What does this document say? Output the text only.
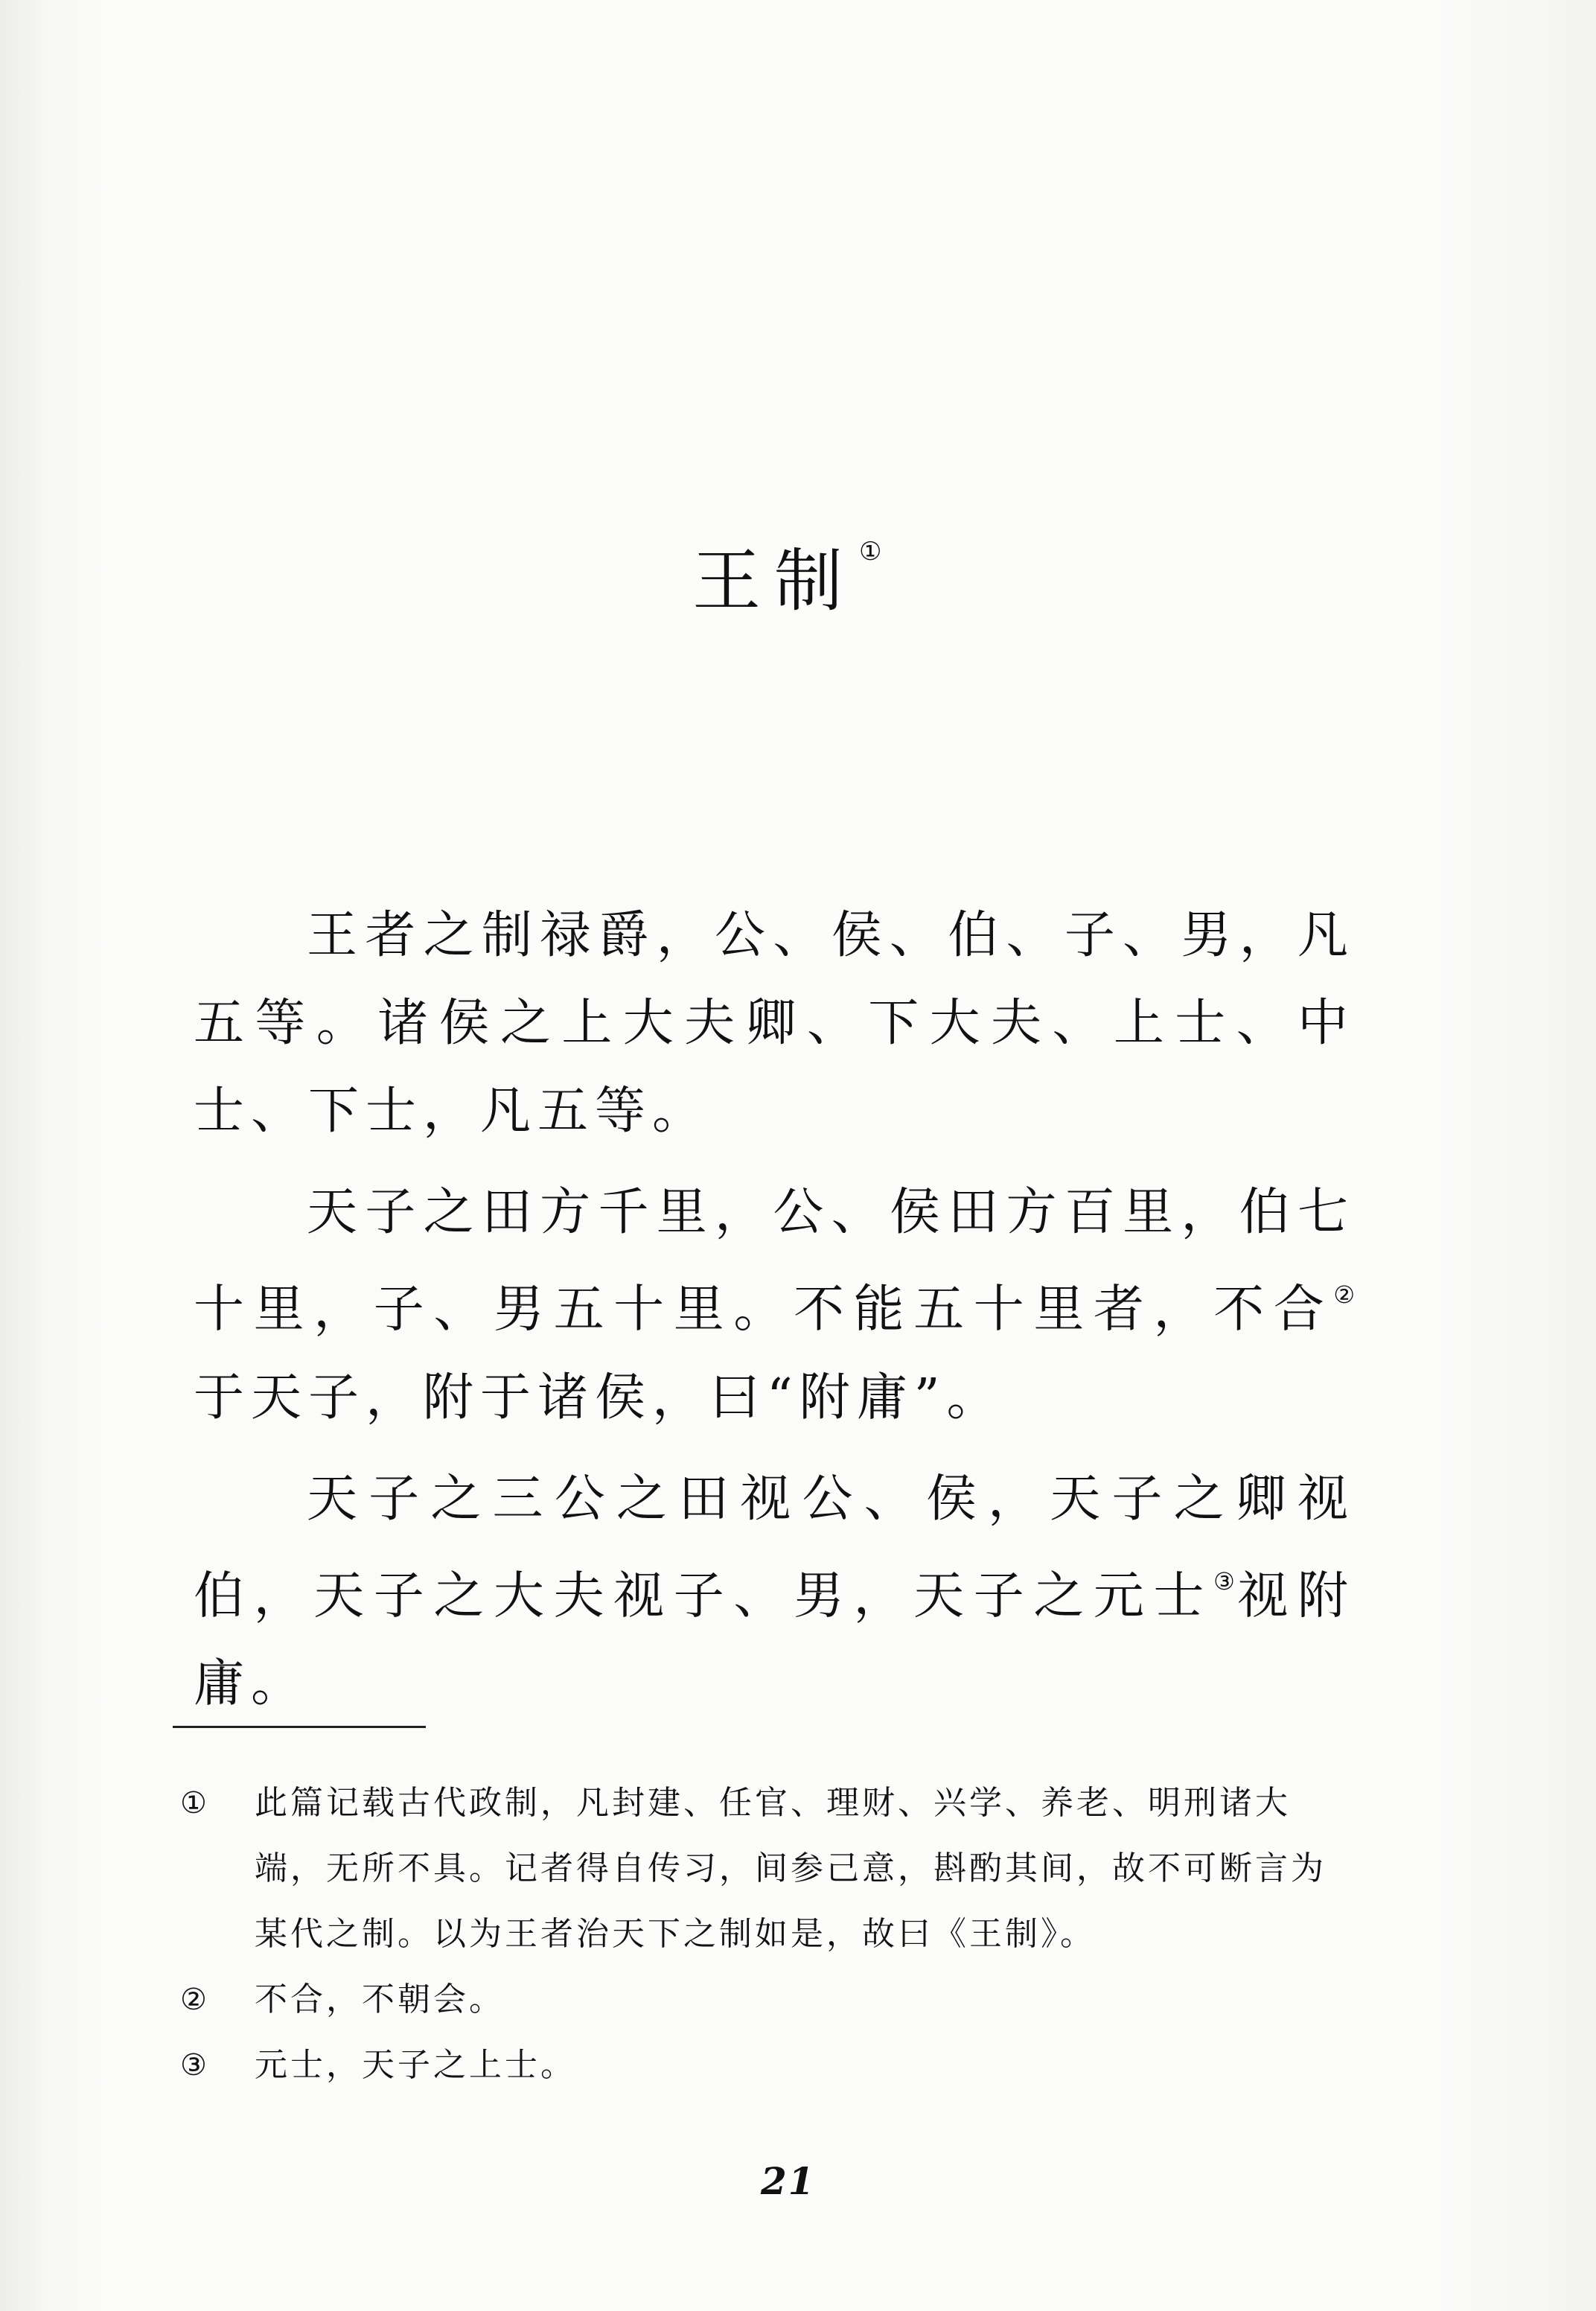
王制 ①

王者之制禄爵，公、侯、伯、子、男，凡五等。诸侯之上大夫卿、下大夫、上士、中士、下士，凡五等。

天子之田方千里，公、侯田方百里，伯七十里，子、男五十里。不能五十里者，不合②于天子，附于诸侯，曰“附庸”。

天子之三公之田视公、侯，天子之卿视伯，天子之大夫视子、男，天子之元士③视附庸。

①	此篇记载古代政制，凡封建、任官、理财、兴学、养老、明刑诸大端，无所不具。记者得自传习，间参己意，斟酌其间，故不可断言为某代之制。以为王者治天下之制如是，故曰《王制》。
②	不合，不朝会。
③	元士，天子之上士。
21
